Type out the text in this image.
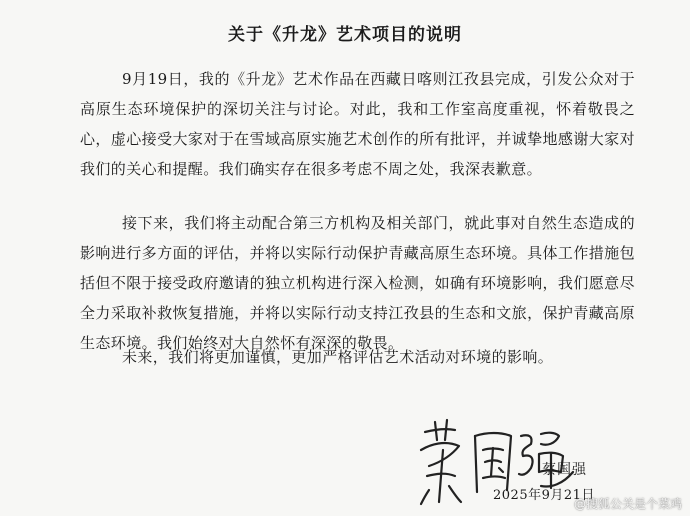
关于《升龙》艺术项目的说明

9月19日，我的《升龙》艺术作品在西藏日喀则江孜县完成，引发公众对于高原生态环境保护的深切关注与讨论。对此，我和工作室高度重视，怀着敬畏之心，虚心接受大家对于在雪域高原实施艺术创作的所有批评，并诚挚地感谢大家对我们的关心和提醒。我们确实存在很多考虑不周之处，我深表歉意。

接下来，我们将主动配合第三方机构及相关部门，就此事对自然生态造成的影响进行多方面的评估，并将以实际行动保护青藏高原生态环境。具体工作措施包括但不限于接受政府邀请的独立机构进行深入检测，如确有环境影响，我们愿意尽全力采取补救恢复措施，并将以实际行动支持江孜县的生态和文旅，保护青藏高原生态环境。我们始终对大自然怀有深深的敬畏。

未来，我们将更加谨慎，更加严格评估艺术活动对环境的影响。

蔡国强
2025年9月21日
@搜狐公关是个菜鸡
